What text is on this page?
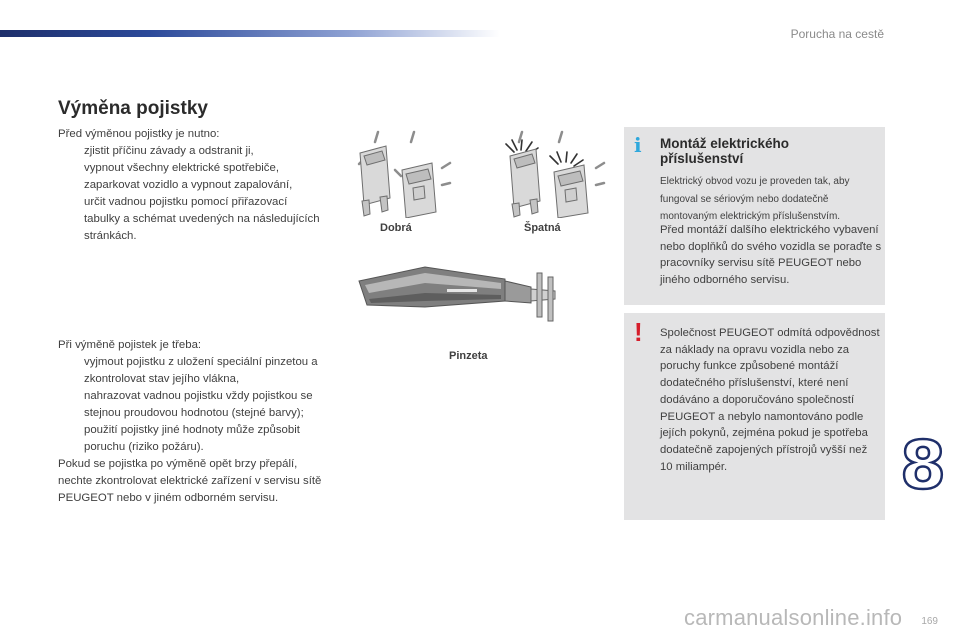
Porucha na cestě
Výměna pojistky

Před výměnou pojistky je nutno:

zjistit příčinu závady a odstranit ji,
vypnout všechny elektrické spotřebiče,
zaparkovat vozidlo a vypnout zapalování,
určit vadnou pojistku pomocí přiřazovací tabulky a schémat uvedených na následujících stránkách.

Při výměně pojistek je třeba:

vyjmout pojistku z uložení speciální pinzetou a zkontrolovat stav jejího vlákna,
nahrazovat vadnou pojistku vždy pojistkou se stejnou proudovou hodnotou (stejné barvy); použití pojistky jiné hodnoty může způsobit poruchu (riziko požáru).

Pokud se pojistka po výměně opět brzy přepálí, nechte zkontrolovat elektrické zařízení v servisu sítě PEUGEOT nebo v jiném odborném servisu.

Dobrá	Špatná
Pinzeta
i Montáž elektrického příslušenství
Elektrický obvod vozu je proveden tak, aby fungoval se sériovým nebo dodatečně montovaným elektrickým příslušenstvím.
Před montáží dalšího elektrického vybavení nebo doplňků do svého vozidla se poraďte s pracovníky servisu sítě PEUGEOT nebo jiného odborného servisu.
! Společnost PEUGEOT odmítá odpovědnost za náklady na opravu vozidla nebo za poruchy funkce způsobené montáží dodatečného příslušenství, které není dodáváno a doporučováno společností PEUGEOT a nebylo namontováno podle jejích pokynů, zejména pokud je spotřeba dodatečně zapojených přístrojů vyšší než 10 miliampér.	8
169
carmanualsonline.info
